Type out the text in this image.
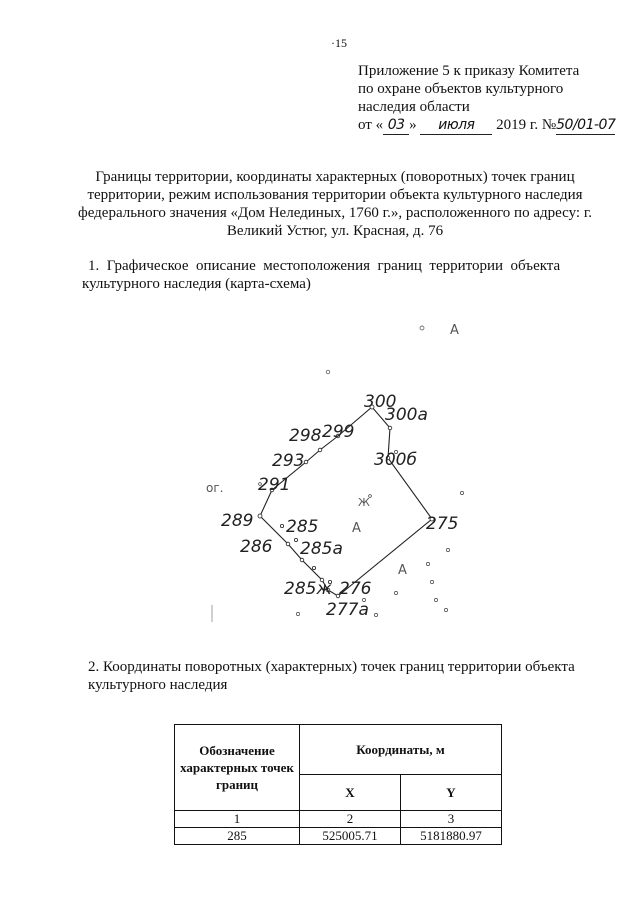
·15
Приложение 5 к приказу Комитета
по охране объектов культурного
наследия области
от « 03 » июля 2019 г. №50/01-07
Границы территории, координаты характерных (поворотных) точек границ территории, режим использования территории объекта культурного наследия федерального значения «Дом Нелединых, 1760 г.», расположенного по адресу: г. Великий Устюг, ул. Красная, д. 76
1.  Графическое  описание  местоположения  границ  территории  объекта
культурного наследия (карта-схема)
300
300а
298 299
293	300б
291
289 285	275
286 285а
285ж 276
277а
А
А
А
Ж
ог.
2. Координаты поворотных (характерных) точек границ территории объекта
культурного наследия
Обозначение характерных точек границ	Координаты, м	
	X	Y
1	2	3
285	525005.71	5181880.97
